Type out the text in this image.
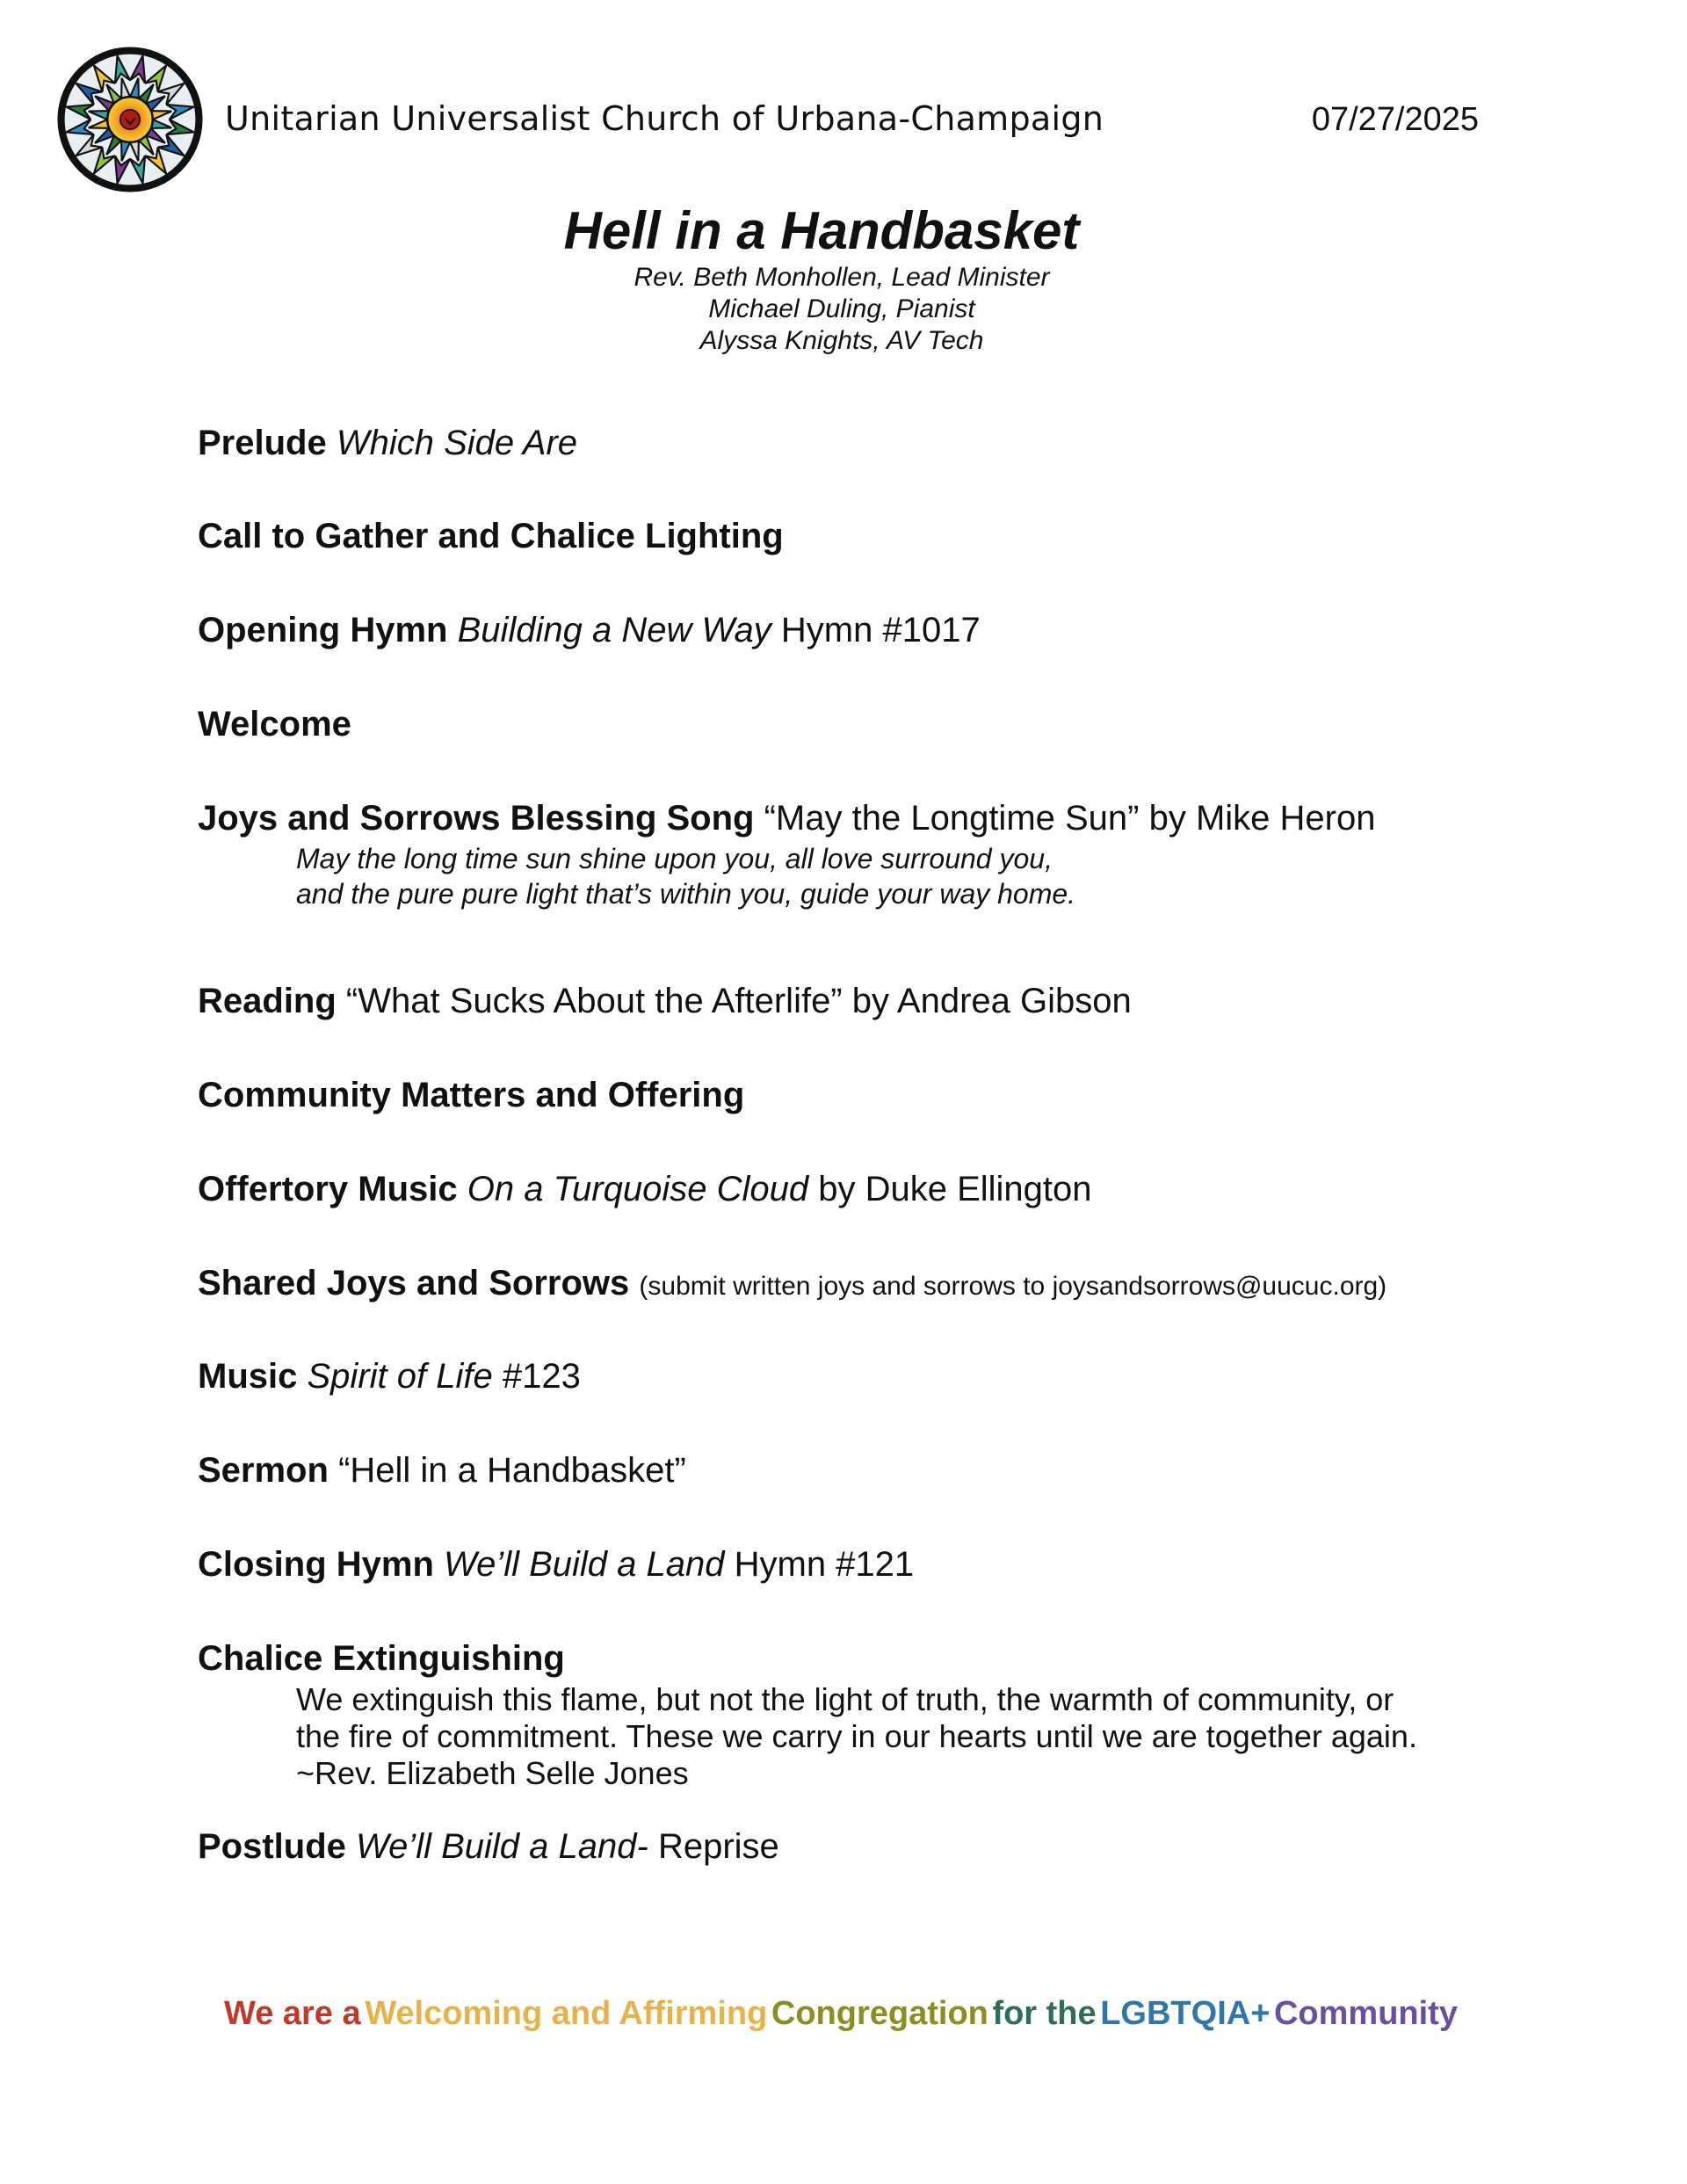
Unitarian Universalist Church of Urbana-Champaign	07/27/2025
Hell in a Handbasket
Rev. Beth Monhollen, Lead Minister
Michael Duling, Pianist
Alyssa Knights, AV Tech
Prelude Which Side Are
Call to Gather and Chalice Lighting
Opening Hymn Building a New Way Hymn #1017
Welcome
Joys and Sorrows Blessing Song “May the Longtime Sun” by Mike Heron
May the long time sun shine upon you, all love surround you,
and the pure pure light that’s within you, guide your way home.
Reading “What Sucks About the Afterlife” by Andrea Gibson
Community Matters and Offering
Offertory Music On a Turquoise Cloud by Duke Ellington
Shared Joys and Sorrows (submit written joys and sorrows to joysandsorrows@uucuc.org)
Music Spirit of Life #123
Sermon “Hell in a Handbasket”
Closing Hymn We’ll Build a Land Hymn #121
Chalice Extinguishing
We extinguish this flame, but not the light of truth, the warmth of community, or
the fire of commitment. These we carry in our hearts until we are together again.
~Rev. Elizabeth Selle Jones
Postlude We’ll Build a Land- Reprise
We are a Welcoming and Affirming Congregation for the LGBTQIA+ Community
